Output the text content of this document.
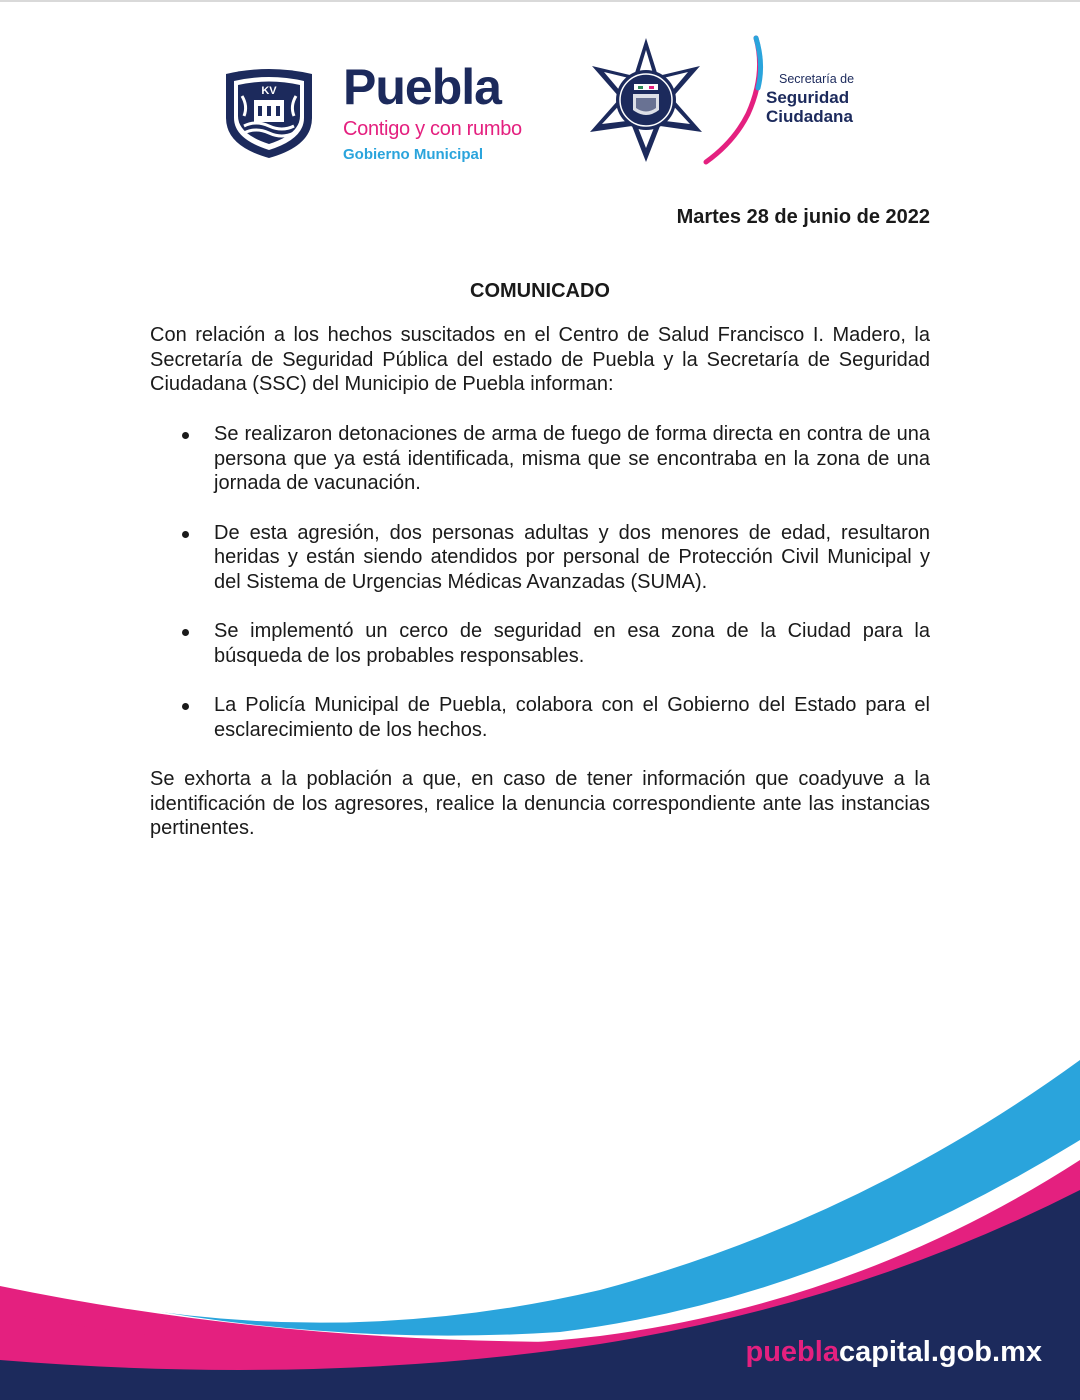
KV Puebla
Contigo y con rumbo
Gobierno Municipal
Secretaría de
Seguridad
Ciudadana
Martes 28 de junio de 2022
COMUNICADO
Con relación a los hechos suscitados en el Centro de Salud Francisco I. Madero, la Secretaría de Seguridad Pública del estado de Puebla y la Secretaría de Seguridad Ciudadana (SSC) del Municipio de Puebla informan:
Se realizaron detonaciones de arma de fuego de forma directa en contra de una persona que ya está identificada, misma que se encontraba en la zona de una jornada de vacunación.
De esta agresión, dos personas adultas y dos menores de edad, resultaron heridas y están siendo atendidos por personal de Protección Civil Municipal y del Sistema de Urgencias Médicas Avanzadas (SUMA).
Se implementó un cerco de seguridad en esa zona de la Ciudad para la búsqueda de los probables responsables.
La Policía Municipal de Puebla, colabora con el Gobierno del Estado para el esclarecimiento de los hechos.
Se exhorta a la población a que, en caso de tener información que coadyuve a la identificación de los agresores, realice la denuncia correspondiente ante las instancias pertinentes.
pueblacapital.gob.mx
